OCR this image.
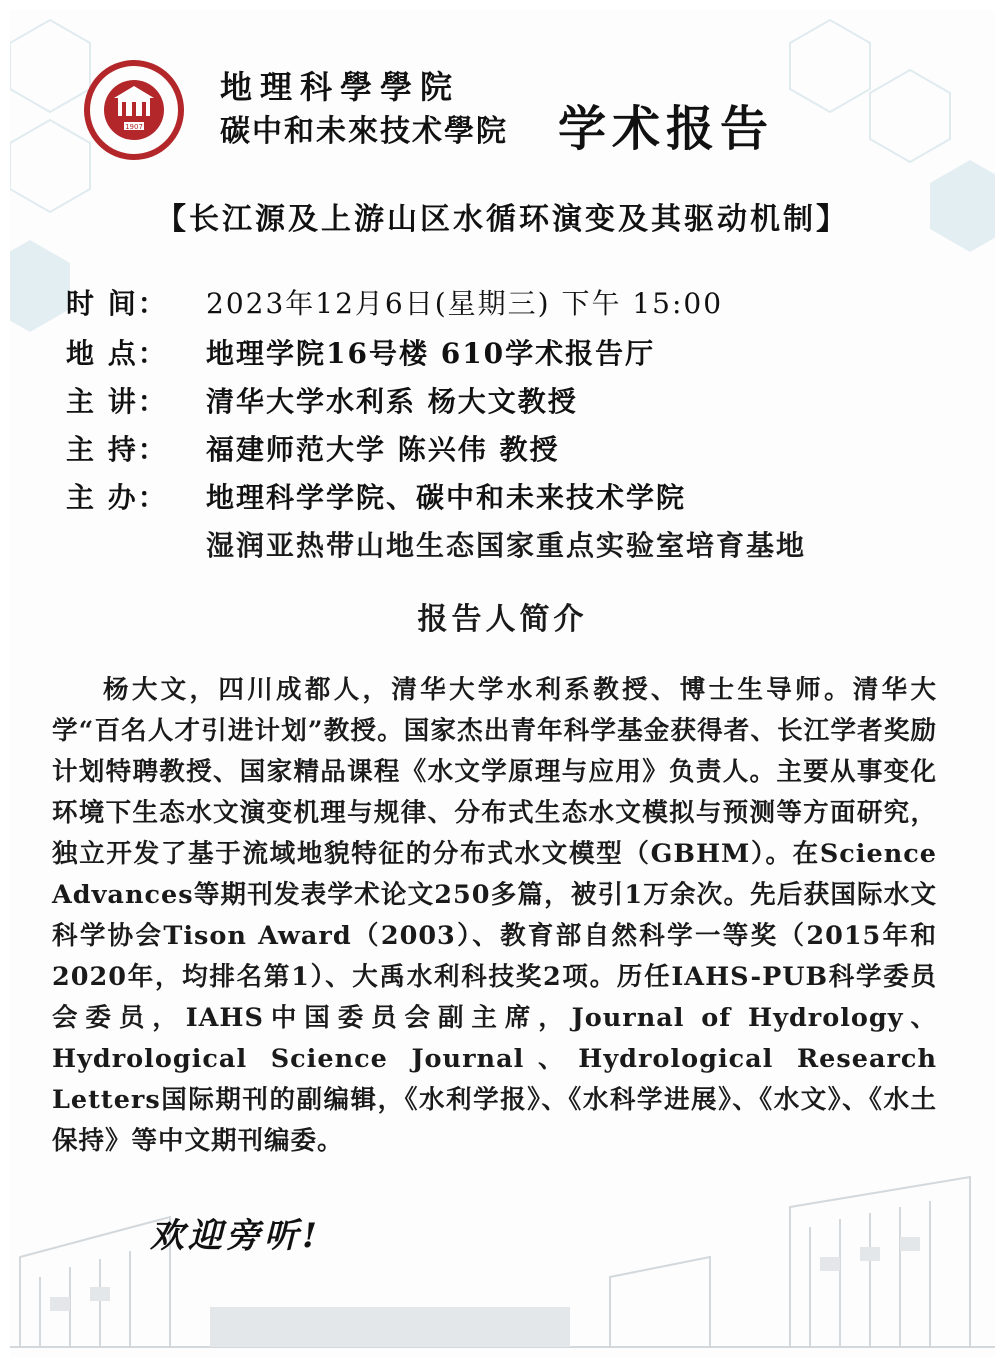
1907
地理科學學院
碳中和未來技术學院 学术报告
【长江源及上游山区水循环演变及其驱动机制】
时 间：	2023年12月6日(星期三) 下午 15:00
地 点：	地理学院16号楼 610学术报告厅
主 讲：	清华大学水利系 杨大文教授
主 持：	福建师范大学 陈兴伟 教授
主 办：	地理科学学院、碳中和未来技术学院
湿润亚热带山地生态国家重点实验室培育基地
报告人简介
杨大文，四川成都人，清华大学水利系教授、博士生导师。清华大学“百名人才引进计划”教授。国家杰出青年科学基金获得者、长江学者奖励计划特聘教授、国家精品课程《水文学原理与应用》负责人。主要从事变化环境下生态水文演变机理与规律、分布式生态水文模拟与预测等方面研究，独立开发了基于流域地貌特征的分布式水文模型（GBHM）。在Science Advances等期刊发表学术论文250多篇，被引1万余次。先后获国际水文科学协会Tison Award（2003）、教育部自然科学一等奖（2015年和2020年，均排名第1）、大禹水利科技奖2项。历任IAHS-PUB科学委员会委员，IAHS中国委员会副主席，Journal of Hydrology、Hydrological Science Journal、Hydrological Research Letters国际期刊的副编辑，《水利学报》、《水科学进展》、《水文》、《水土保持》等中文期刊编委。
欢迎旁听!
